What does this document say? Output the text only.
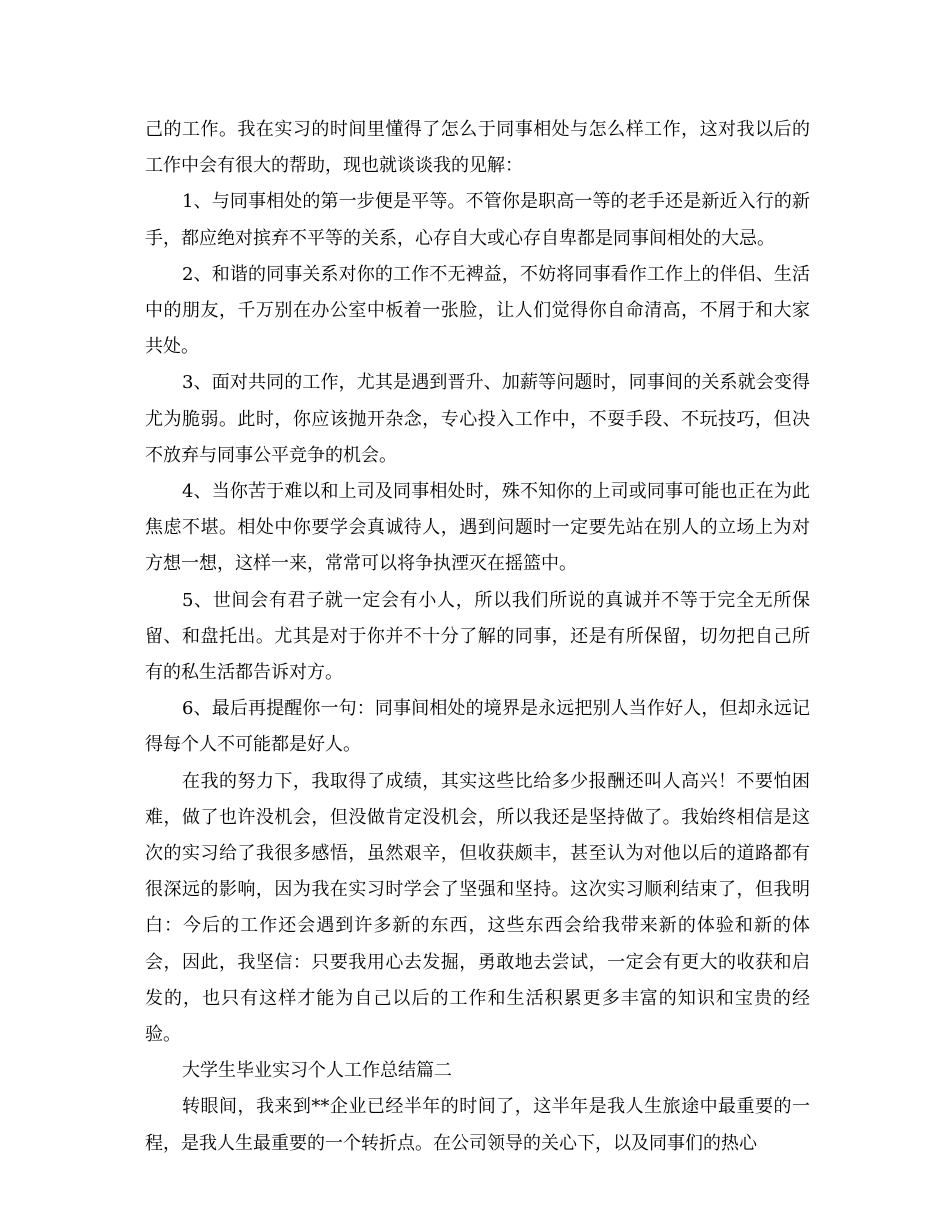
己的工作。我在实习的时间里懂得了怎么于同事相处与怎么样工作，这对我以后的工作中会有很大的帮助，现也就谈谈我的见解：

1、与同事相处的第一步便是平等。不管你是职高一等的老手还是新近入行的新手，都应绝对摈弃不平等的关系，心存自大或心存自卑都是同事间相处的大忌。

2、和谐的同事关系对你的工作不无裨益，不妨将同事看作工作上的伴侣、生活中的朋友，千万别在办公室中板着一张脸，让人们觉得你自命清高，不屑于和大家共处。

3、面对共同的工作，尤其是遇到晋升、加薪等问题时，同事间的关系就会变得尤为脆弱。此时，你应该抛开杂念，专心投入工作中，不耍手段、不玩技巧，但决不放弃与同事公平竞争的机会。

4、当你苦于难以和上司及同事相处时，殊不知你的上司或同事可能也正在为此焦虑不堪。相处中你要学会真诚待人，遇到问题时一定要先站在别人的立场上为对方想一想，这样一来，常常可以将争执湮灭在摇篮中。

5、世间会有君子就一定会有小人，所以我们所说的真诚并不等于完全无所保留、和盘托出。尤其是对于你并不十分了解的同事，还是有所保留，切勿把自己所有的私生活都告诉对方。

6、最后再提醒你一句：同事间相处的境界是永远把别人当作好人，但却永远记得每个人不可能都是好人。

在我的努力下，我取得了成绩，其实这些比给多少报酬还叫人高兴！不要怕困难，做了也许没机会，但没做肯定没机会，所以我还是坚持做了。我始终相信是这次的实习给了我很多感悟，虽然艰辛，但收获颇丰，甚至认为对他以后的道路都有很深远的影响，因为我在实习时学会了坚强和坚持。这次实习顺利结束了，但我明白：今后的工作还会遇到许多新的东西，这些东西会给我带来新的体验和新的体会，因此，我坚信：只要我用心去发掘，勇敢地去尝试，一定会有更大的收获和启发的，也只有这样才能为自己以后的工作和生活积累更多丰富的知识和宝贵的经验。

大学生毕业实习个人工作总结篇二

转眼间，我来到**企业已经半年的时间了，这半年是我人生旅途中最重要的一程，是我人生最重要的一个转折点。在公司领导的关心下，以及同事们的热心
